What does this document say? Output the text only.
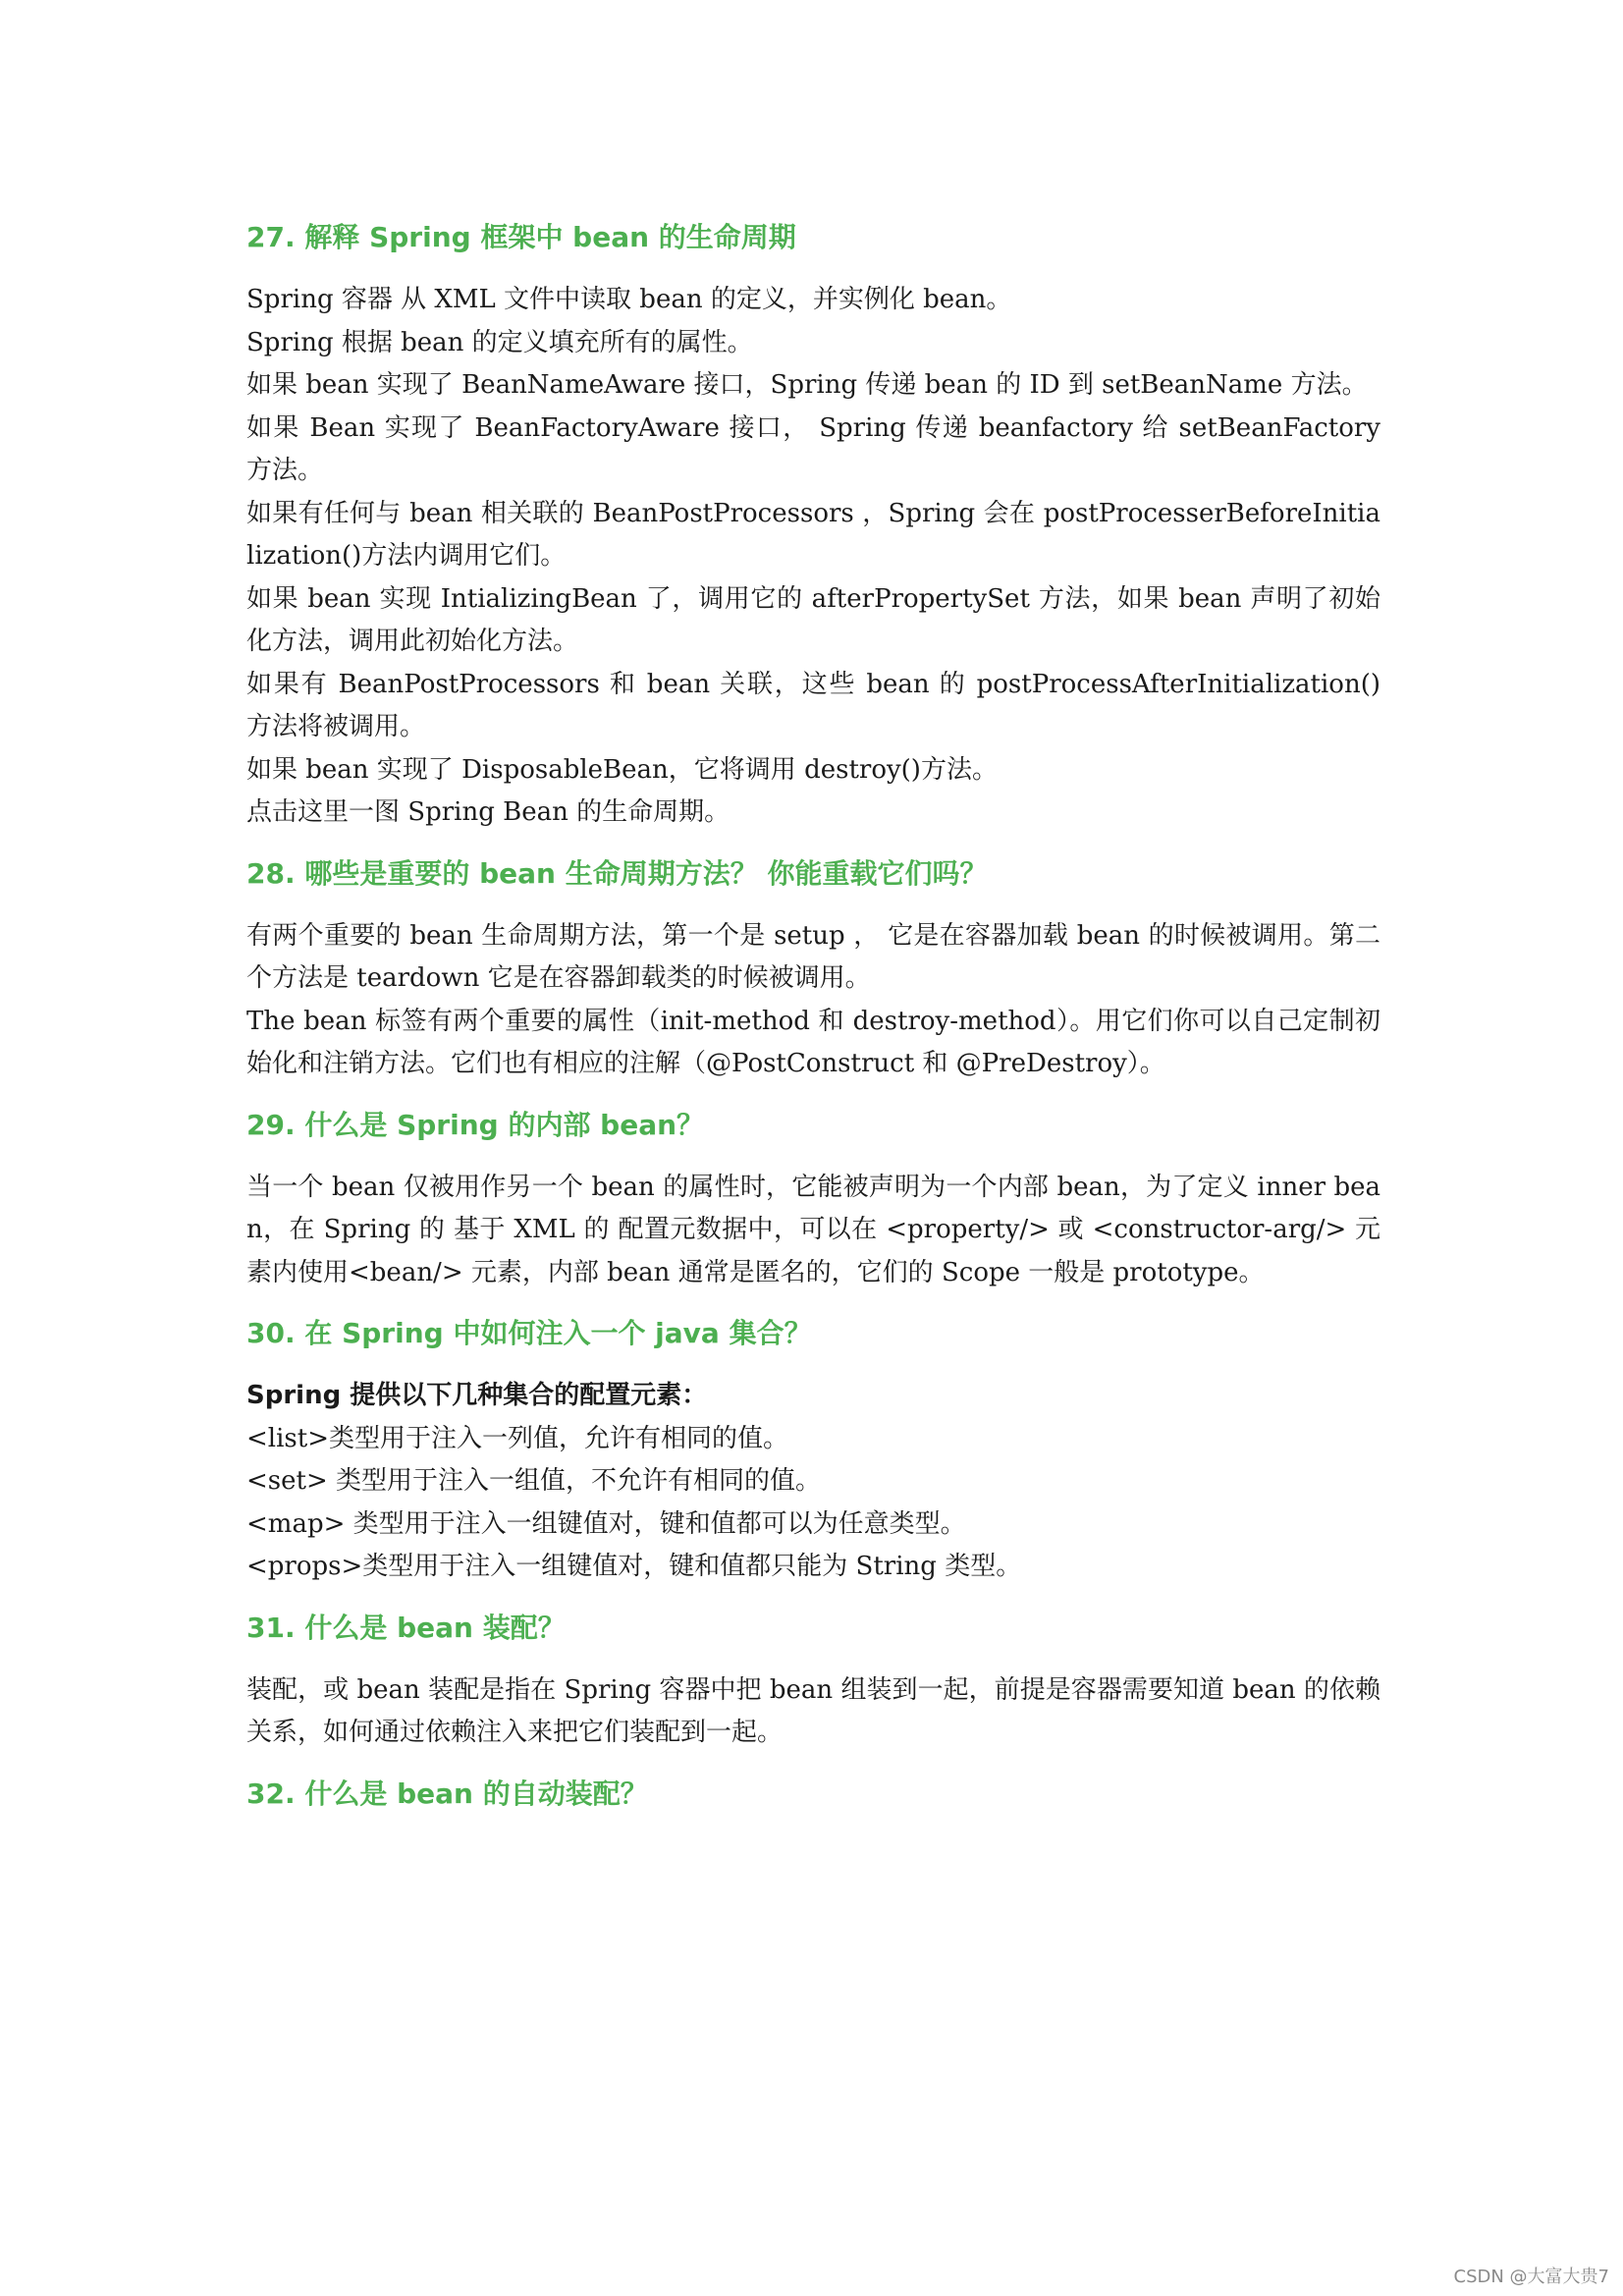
27. 解释 Spring 框架中 bean 的生命周期

Spring 容器 从 XML 文件中读取 bean 的定义，并实例化 bean。

Spring 根据 bean 的定义填充所有的属性。

如果 bean 实现了 BeanNameAware 接口，Spring 传递 bean 的 ID 到 setBeanName 方法。

如果 Bean 实现了 BeanFactoryAware 接口， Spring 传递 beanfactory 给 setBeanFactory 方法。

如果有任何与 bean 相关联的 BeanPostProcessors ，Spring 会在 postProcesserBeforeInitialization()方法内调用它们。

如果 bean 实现 IntializingBean 了，调用它的 afterPropertySet 方法，如果 bean 声明了初始化方法，调用此初始化方法。

如果有 BeanPostProcessors 和 bean 关联，这些 bean 的 postProcessAfterInitialization() 方法将被调用。

如果 bean 实现了 DisposableBean，它将调用 destroy()方法。

点击这里一图 Spring Bean 的生命周期。

28. 哪些是重要的 bean 生命周期方法？ 你能重载它们吗？

有两个重要的 bean 生命周期方法，第一个是 setup ， 它是在容器加载 bean 的时候被调用。第二个方法是 teardown 它是在容器卸载类的时候被调用。

The bean 标签有两个重要的属性（init-method 和 destroy-method）。用它们你可以自己定制初始化和注销方法。它们也有相应的注解（@PostConstruct 和 @PreDestroy）。

29. 什么是 Spring 的内部 bean？

当一个 bean 仅被用作另一个 bean 的属性时，它能被声明为一个内部 bean，为了定义 inner bean，在 Spring 的 基于 XML 的 配置元数据中，可以在 <property/> 或 <constructor-arg/> 元素内使用<bean/> 元素，内部 bean 通常是匿名的，它们的 Scope 一般是 prototype。

30. 在 Spring 中如何注入一个 java 集合？

Spring 提供以下几种集合的配置元素：

<list>类型用于注入一列值，允许有相同的值。

<set> 类型用于注入一组值，不允许有相同的值。

<map> 类型用于注入一组键值对，键和值都可以为任意类型。

<props>类型用于注入一组键值对，键和值都只能为 String 类型。

31. 什么是 bean 装配？

装配，或 bean 装配是指在 Spring 容器中把 bean 组装到一起，前提是容器需要知道 bean 的依赖关系，如何通过依赖注入来把它们装配到一起。

32. 什么是 bean 的自动装配？
CSDN @大富大贵7
